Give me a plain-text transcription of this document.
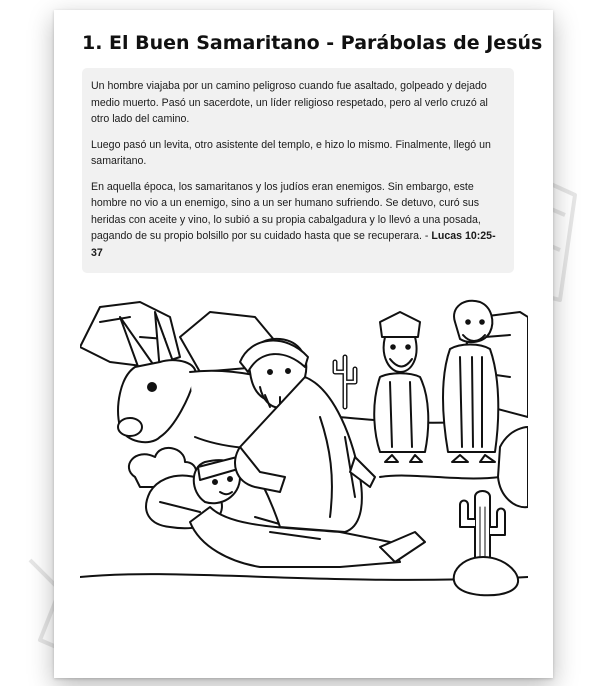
1. El Buen Samaritano - Parábolas de Jesús

Un hombre viajaba por un camino peligroso cuando fue asaltado, golpeado y dejado medio muerto. Pasó un sacerdote, un líder religioso respetado, pero al verlo cruzó al otro lado del camino.

Luego pasó un levita, otro asistente del templo, e hizo lo mismo. Finalmente, llegó un samaritano.

En aquella época, los samaritanos y los judíos eran enemigos. Sin embargo, este hombre no vio a un enemigo, sino a un ser humano sufriendo. Se detuvo, curó sus heridas con aceite y vino, lo subió a su propia cabalgadura y lo llevó a una posada, pagando de su propio bolsillo por su cuidado hasta que se recuperara. - Lucas 10:25-37
